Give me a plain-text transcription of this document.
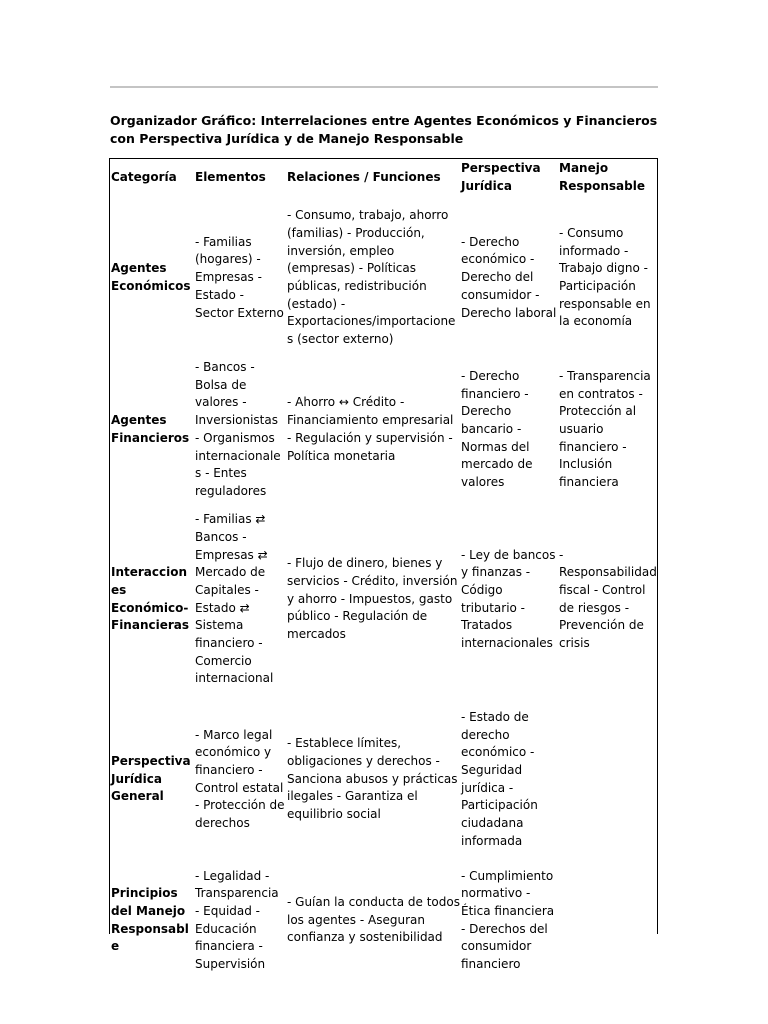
Organizador Gráfico: Interrelaciones entre Agentes Económicos y Financieros con Perspectiva Jurídica y de Manejo Responsable

Categoría	Elementos	Relaciones / Funciones	Perspectiva Jurídica	Manejo Responsable
Agentes Económicos	- Familias (hogares) - Empresas - Estado - Sector Externo	- Consumo, trabajo, ahorro (familias) - Producción, inversión, empleo (empresas) - Políticas públicas, redistribución (estado) - Exportaciones/importaciones (sector externo)	- Derecho económico - Derecho del consumidor - Derecho laboral	- Consumo informado - Trabajo digno - Participación responsable en la economía
Agentes Financieros	- Bancos - Bolsa de valores - Inversionistas - Organismos internacionales - Entes reguladores	- Ahorro ↔ Crédito - Financiamiento empresarial - Regulación y supervisión - Política monetaria	- Derecho financiero - Derecho bancario - Normas del mercado de valores	- Transparencia en contratos - Protección al usuario financiero - Inclusión financiera
Interacciones Económico-Financieras	- Familias ⇄ Bancos - Empresas ⇄ Mercado de Capitales - Estado ⇄ Sistema financiero - Comercio internacional	- Flujo de dinero, bienes y servicios - Crédito, inversión y ahorro - Impuestos, gasto público - Regulación de mercados	- Ley de bancos y finanzas - Código tributario - Tratados internacionales	- Responsabilidad fiscal - Control de riesgos - Prevención de crisis
Perspectiva Jurídica General	- Marco legal económico y financiero - Control estatal - Protección de derechos	- Establece límites, obligaciones y derechos - Sanciona abusos y prácticas ilegales - Garantiza el equilibrio social	- Estado de derecho económico - Seguridad jurídica - Participación ciudadana informada	
Principios del Manejo Responsable	- Legalidad - Transparencia - Equidad - Educación financiera - Supervisión	- Guían la conducta de todos los agentes - Aseguran confianza y sostenibilidad	- Cumplimiento normativo - Ética financiera - Derechos del consumidor financiero	
